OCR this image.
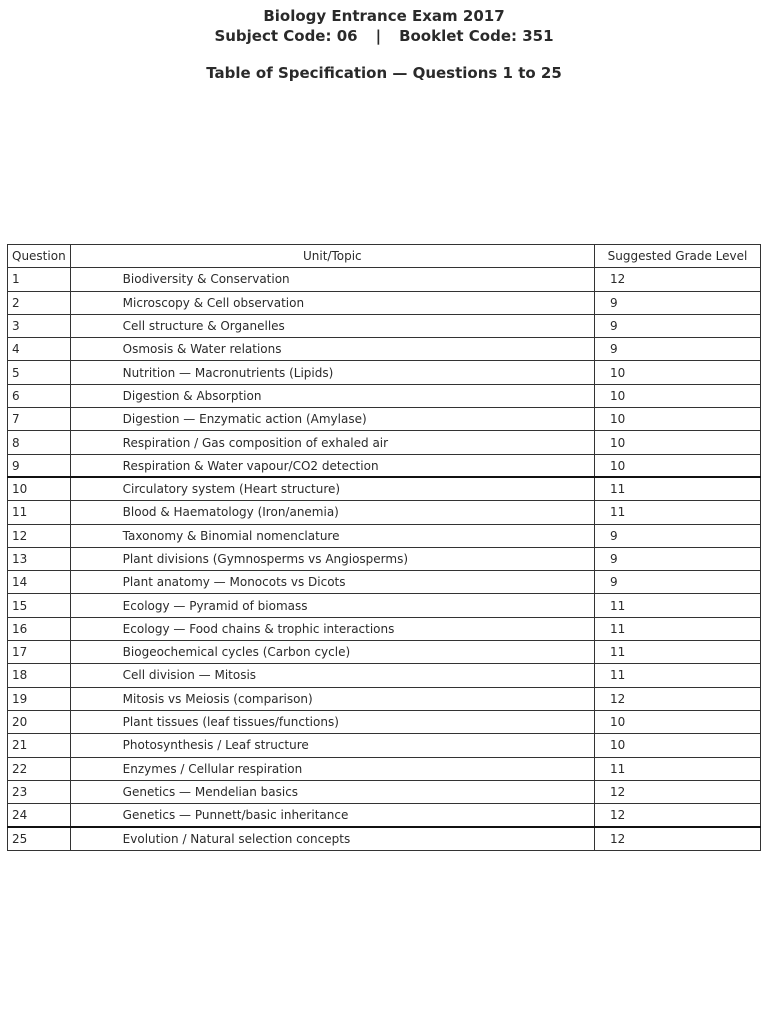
Biology Entrance Exam 2017
Subject Code: 06 | Booklet Code: 351
Table of Specification — Questions 1 to 25
Question	Unit/Topic	Suggested Grade Level
1	Biodiversity & Conservation	12
2	Microscopy & Cell observation	9
3	Cell structure & Organelles	9
4	Osmosis & Water relations	9
5	Nutrition — Macronutrients (Lipids)	10
6	Digestion & Absorption	10
7	Digestion — Enzymatic action (Amylase)	10
8	Respiration / Gas composition of exhaled air	10
9	Respiration & Water vapour/CO2 detection	10
10	Circulatory system (Heart structure)	11
11	Blood & Haematology (Iron/anemia)	11
12	Taxonomy & Binomial nomenclature	9
13	Plant divisions (Gymnosperms vs Angiosperms)	9
14	Plant anatomy — Monocots vs Dicots	9
15	Ecology — Pyramid of biomass	11
16	Ecology — Food chains & trophic interactions	11
17	Biogeochemical cycles (Carbon cycle)	11
18	Cell division — Mitosis	11
19	Mitosis vs Meiosis (comparison)	12
20	Plant tissues (leaf tissues/functions)	10
21	Photosynthesis / Leaf structure	10
22	Enzymes / Cellular respiration	11
23	Genetics — Mendelian basics	12
24	Genetics — Punnett/basic inheritance	12
25	Evolution / Natural selection concepts	12
